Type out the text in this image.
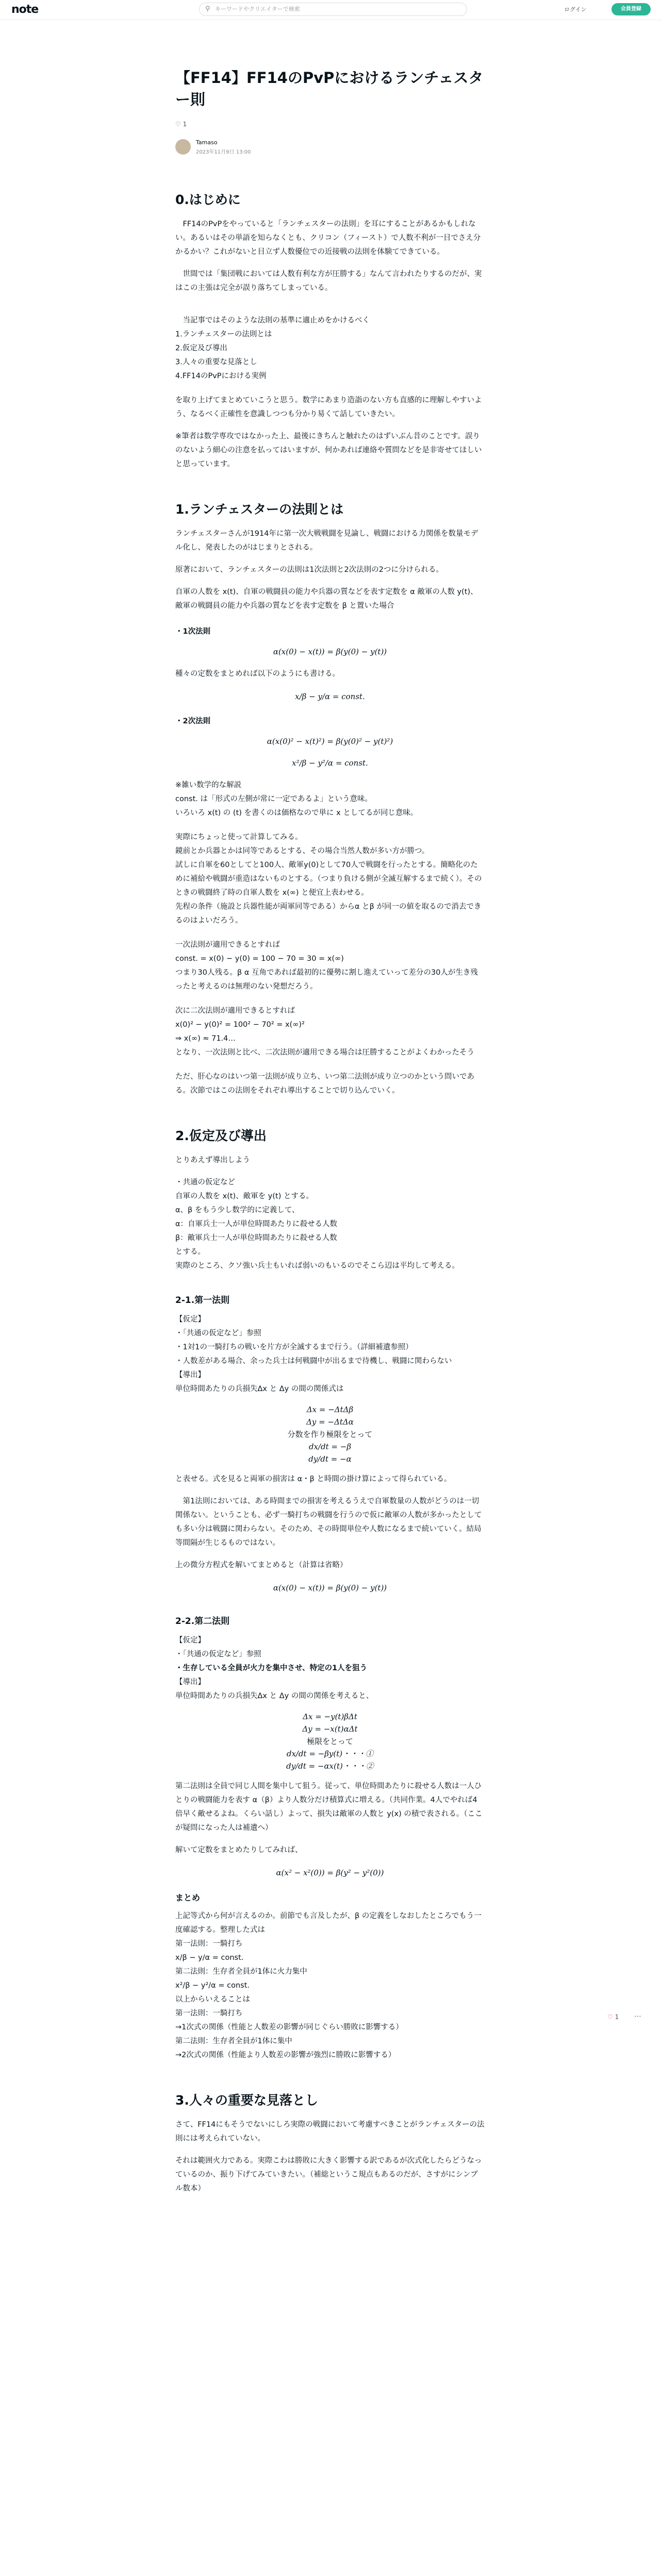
note	⚲ キーワードやクリエイターで検索	ログイン	会員登録
【FF14】FF14のPvPにおけるランチェスター則
♡ 1
Tamaso
2023年11月9日 13:00
0.はじめに

　FF14のPvPをやっていると「ランチェスターの法則」を耳にすることがあるかもしれない。あるいはその単語を知らなくとも、クリコン（フィースト）で人数不利が一目でさえ分かるかい？これがないと目立ず人数優位での近接戦の法則を体験てできている。

　世間では「集団戦においては人数有利な方が圧勝する」なんて言われたりするのだが、実はこの主張は完全が誤り落ちてしまっている。

　当記事ではそのような法則の基準に適止めをかけるべく
1.ランチェスターの法則とは
2.仮定及び導出
3.人々の重要な見落とし
4.FF14のPvPにおける実例

を取り上げてまとめていこうと思う。数学にあまり造詣のない方も直感的に理解しやすいよう、なるべく正確性を意識しつつも分かり易くて話していきたい。

※筆者は数学専攻ではなかった上、最後にきちんと触れたのはずいぶん昔のことです。誤りのないよう細心の注意を払ってはいますが、何かあれば連絡や質問などを是非寄せてほしいと思っています。

1.ランチェスターの法則とは

ランチェスターさんが1914年に第一次大戦戦闘を見論し、戦闘における力関係を数量モデル化し、発表したのがはじまりとされる。

原著において、ランチェスターの法則は1次法則と2次法則の2つに分けられる。

自軍の人数を x(t)、自軍の戦闘員の能力や兵器の質などを表す定数を α 敵軍の人数 y(t)、敵軍の戦闘員の能力や兵器の質などを表す定数を β と置いた場合

・1次法則
α(x(0) − x(t)) = β(y(0) − y(t))

種々の定数をまとめれば以下のようにも書ける。

x/β − y/α = const.
・2次法則
α(x(0)² − x(t)²) = β(y(0)² − y(t)²)
x²/β − y²/α = const.
※雑い数学的な解説
const. は「形式の左側が常に一定であるよ」という意味。
いろいろ x(t) の (t) を書くのは価格なので単に x としてるが同じ意味。
実際にちょっと使って計算してみる。
鏡前とか兵器とかは同等であるとする、その場合当然人数が多い方が勝つ。
試しに自軍を60としてと100人、敵軍y(0)として70人で戦闘を行ったとする。簡略化のために補給や戦闘が重造はないものとする。（つまり負ける側が全滅互解するまで続く）。そのときの戦闘終了時の自軍人数を x(∞) と便宜上表わせる。
先程の条件（施設と兵器性能が両軍同等である）からα とβ が同一の値を取るので消去できるのはよいだろう。
一次法則が適用できるとすれば
const. = x(0) − y(0) = 100 − 70 = 30 = x(∞)
つまり30人残る。β α 互角であれば最初的に優勢に割し進えていって差分の30人が生き残ったと考えるのは無理のない発想だろう。
次に二次法則が適用できるとすれば
x(0)² − y(0)² = 100² − 70² = x(∞)²
⇒ x(∞) ≈ 71.4…
となり、一次法則と比べ、二次法則が適用できる場合は圧勝することがよくわかったそう

ただ、肝心なのはいつ第一法則が成り立ち、いつ第二法則が成り立つのかという問いである。次節ではこの法則をそれぞれ導出することで切り込んでいく。

2.仮定及び導出

とりあえず導出しよう

・共通の仮定など
自軍の人数を x(t)、敵軍を y(t) とする。
α、β をもう少し数学的に定義して、
α：自軍兵士一人が単位時間あたりに殺せる人数
β：敵軍兵士一人が単位時間あたりに殺せる人数
とする。
実際のところ、クソ強い兵士もいれば弱いのもいるのでそこら辺は平均して考える。
2-1.第一法則
【仮定】
・「共通の仮定など」参照
・1対1の一騎打ちの戦いを片方が全滅するまで行う。（詳細補遺参照）
・人数差がある場合、余った兵士は何戦闘中が出るまで待機し、戦闘に関わらない
【導出】
単位時間あたりの兵損失Δx と Δy の間の関係式は
Δx = −ΔtΔβ
Δy = −ΔtΔα
分数を作り極限をとって
dx/dt = −β
dy/dt = −α

と表せる。式を見ると両軍の損害は α・β と時間の掛け算によって得られている。

　第1法則においては、ある時間までの損害を考えるうえで自軍数量の人数がどうのは一切関係ない。ということも、必ず一騎打ちの戦闘を行うので仮に敵軍の人数が多かったとしても多い分は戦闘に関わらない。そのため、その時間単位や人数になるまで続いていく。結局等間隔が生じるものではない。

上の微分方程式を解いてまとめると（計算は省略）

α(x(0) − x(t)) = β(y(0) − y(t))
2-2.第二法則
【仮定】
・「共通の仮定など」参照
・生存している全員が火力を集中させ、特定の1人を狙う
【導出】
単位時間あたりの兵損失Δx と Δy の間の関係を考えると、
Δx = −y(t)βΔt
Δy = −x(t)αΔt
極限をとって
dx/dt = −βy(t)・・・①
dy/dt = −αx(t)・・・②

第二法則は全員で同じ人間を集中して狙う。従って、単位時間あたりに殺せる人数は一人ひとりの戦闘能力を表す α（β）より人数分だけ積算式に増える。（共同作業。4人でやれば4倍早く敵せるよね。くらい話し）よって、損失は敵軍の人数と y(x) の積で表される。（ここが疑問になった人は補遺へ）

解いて定数をまとめたりしてみれば、

α(x² − x²(0)) = β(y² − y²(0))
まとめ
上記等式から何が言えるのか。前節でも言及したが、β の定義をしなおしたところでもう一度確認する。整理した式は
第一法則：一騎打ち
x/β − y/α = const.
第二法則：生存者全員が1体に火力集中
x²/β − y²/α = const.
以上からいえることは
第一法則：一騎打ち
→1次式の関係（性能と人数差の影響が同じぐらい勝敗に影響する）
第二法則：生存者全員が1体に集中
→2次式の関係（性能より人数差の影響が強烈に勝敗に影響する）
3.人々の重要な見落とし

さて、FF14にもそうでないにしろ実際の戦闘において考慮すべきことがランチェスターの法則には考えられていない。

それは範囲火力である。実際こわは勝敗に大きく影響する訳であるが次式化したらどうなっているのか、振り下げてみていきたい。（補総というこ規点もあるのだが、さすがにシンプル数本）

♡ 1 ⋯
